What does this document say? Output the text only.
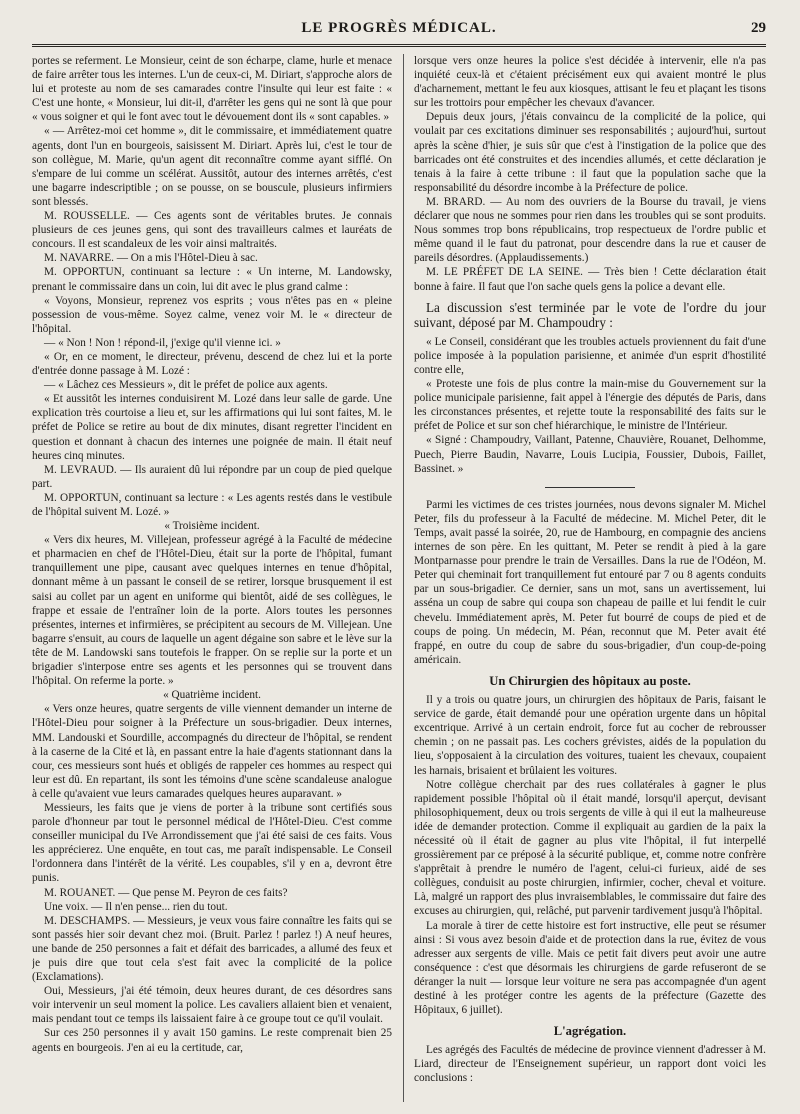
LE PROGRÈS MÉDICAL.	29

portes se referment. Le Monsieur, ceint de son écharpe, clame, hurle et menace de faire arrêter tous les internes. L'un de ceux-ci, M. Diriart, s'approche alors de lui et proteste au nom de ses camarades contre l'insulte qui leur est faite : « C'est une honte, « Monsieur, lui dit-il, d'arrêter les gens qui ne sont là que pour « vous soigner et qui le font avec tout le dévouement dont ils « sont capables. »

« — Arrêtez-moi cet homme », dit le commissaire, et immédiatement quatre agents, dont l'un en bourgeois, saisissent M. Diriart. Après lui, c'est le tour de son collègue, M. Marie, qu'un agent dit reconnaître comme ayant sifflé. On s'empare de lui comme un scélérat. Aussitôt, autour des internes arrêtés, c'est une bagarre indescriptible ; on se pousse, on se bouscule, plusieurs infirmiers sont blessés.

M. ROUSSELLE. — Ces agents sont de véritables brutes. Je connais plusieurs de ces jeunes gens, qui sont des travailleurs calmes et lauréats de concours. Il est scandaleux de les voir ainsi maltraités.

M. NAVARRE. — On a mis l'Hôtel-Dieu à sac.

M. OPPORTUN, continuant sa lecture : « Un interne, M. Landowsky, prenant le commissaire dans un coin, lui dit avec le plus grand calme :

« Voyons, Monsieur, reprenez vos esprits ; vous n'êtes pas en « pleine possession de vous-même. Soyez calme, venez voir M. le « directeur de l'hôpital.

— « Non ! Non ! répond-il, j'exige qu'il vienne ici. »

« Or, en ce moment, le directeur, prévenu, descend de chez lui et la porte d'entrée donne passage à M. Lozé :

— « Lâchez ces Messieurs », dit le préfet de police aux agents.

« Et aussitôt les internes conduisirent M. Lozé dans leur salle de garde. Une explication très courtoise a lieu et, sur les affirmations qui lui sont faites, M. le préfet de Police se retire au bout de dix minutes, disant regretter l'incident en question et donnant à chacun des internes une poignée de main. Il était neuf heures cinq minutes.

M. LEVRAUD. — Ils auraient dû lui répondre par un coup de pied quelque part.

M. OPPORTUN, continuant sa lecture : « Les agents restés dans le vestibule de l'hôpital suivent M. Lozé. »

« Troisième incident.

« Vers dix heures, M. Villejean, professeur agrégé à la Faculté de médecine et pharmacien en chef de l'Hôtel-Dieu, était sur la porte de l'hôpital, fumant tranquillement une pipe, causant avec quelques internes en tenue d'hôpital, donnant même à un passant le conseil de se retirer, lorsque brusquement il est saisi au collet par un agent en uniforme qui bientôt, aidé de ses collègues, le frappe et essaie de l'entraîner loin de la porte. Alors toutes les personnes présentes, internes et infirmières, se précipitent au secours de M. Villejean. Une bagarre s'ensuit, au cours de laquelle un agent dégaine son sabre et le lève sur la tête de M. Landowski sans toutefois le frapper. On se replie sur la porte et un brigadier s'interpose entre ses agents et les personnes qui se trouvent dans l'hôpital. On referme la porte. »

« Quatrième incident.

« Vers onze heures, quatre sergents de ville viennent demander un interne de l'Hôtel-Dieu pour soigner à la Préfecture un sous-brigadier. Deux internes, MM. Landouski et Sourdille, accompagnés du directeur de l'hôpital, se rendent à la caserne de la Cité et là, en passant entre la haie d'agents stationnant dans la cour, ces messieurs sont hués et obligés de rappeler ces hommes au respect qui leur est dû. En repartant, ils sont les témoins d'une scène scandaleuse analogue à celle qu'avaient vue leurs camarades quelques heures auparavant. »

Messieurs, les faits que je viens de porter à la tribune sont certifiés sous parole d'honneur par tout le personnel médical de l'Hôtel-Dieu. C'est comme conseiller municipal du IVe Arrondissement que j'ai été saisi de ces faits. Vous les apprécierez. Une enquête, en tout cas, me paraît indispensable. Le Conseil l'ordonnera dans l'intérêt de la vérité. Les coupables, s'il y en a, devront être punis.

M. ROUANET. — Que pense M. Peyron de ces faits?

Une voix. — Il n'en pense... rien du tout.

M. DESCHAMPS. — Messieurs, je veux vous faire connaître les faits qui se sont passés hier soir devant chez moi. (Bruit. Parlez ! parlez !) A neuf heures, une bande de 250 personnes a fait et défait des barricades, a allumé des feux et je puis dire que tout cela s'est fait avec la complicité de la police (Exclamations).

Oui, Messieurs, j'ai été témoin, deux heures durant, de ces désordres sans voir intervenir un seul moment la police. Les cavaliers allaient bien et venaient, mais pendant tout ce temps ils laissaient faire à ce groupe tout ce qu'il voulait.

Sur ces 250 personnes il y avait 150 gamins. Le reste comprenait bien 25 agents en bourgeois. J'en ai eu la certitude, car,

lorsque vers onze heures la police s'est décidée à intervenir, elle n'a pas inquiété ceux-là et c'étaient précisément eux qui avaient montré le plus d'acharnement, mettant le feu aux kiosques, attisant le feu et plaçant les tisons sur les trottoirs pour empêcher les chevaux d'avancer.

Depuis deux jours, j'étais convaincu de la complicité de la police, qui voulait par ces excitations diminuer ses responsabilités ; aujourd'hui, surtout après la scène d'hier, je suis sûr que c'est à l'instigation de la police que des barricades ont été construites et des incendies allumés, et cette déclaration je tenais à la faire à cette tribune : il faut que la population sache que la responsabilité du désordre incombe à la Préfecture de police.

M. BRARD. — Au nom des ouvriers de la Bourse du travail, je viens déclarer que nous ne sommes pour rien dans les troubles qui se sont produits. Nous sommes trop bons républicains, trop respectueux de l'ordre public et même quand il le faut du patronat, pour descendre dans la rue et causer de pareils désordres. (Applaudissements.)

M. LE PRÉFET DE LA SEINE. — Très bien ! Cette déclaration était bonne à faire. Il faut que l'on sache quels gens la police a devant elle.

La discussion s'est terminée par le vote de l'ordre du jour suivant, déposé par M. Champoudry :

« Le Conseil, considérant que les troubles actuels proviennent du fait d'une police imposée à la population parisienne, et animée d'un esprit d'hostilité contre elle,

« Proteste une fois de plus contre la main-mise du Gouvernement sur la police municipale parisienne, fait appel à l'énergie des députés de Paris, dans les circonstances présentes, et rejette toute la responsabilité des faits sur le préfet de Police et sur son chef hiérarchique, le ministre de l'Intérieur.

« Signé : Champoudry, Vaillant, Patenne, Chauvière, Rouanet, Delhomme, Puech, Pierre Baudin, Navarre, Louis Lucipia, Foussier, Dubois, Faillet, Bassinet. »

Parmi les victimes de ces tristes journées, nous devons signaler M. Michel Peter, fils du professeur à la Faculté de médecine. M. Michel Peter, dit le Temps, avait passé la soirée, 20, rue de Hambourg, en compagnie des anciens internes de son père. En les quittant, M. Peter se rendit à pied à la gare Montparnasse pour prendre le train de Versailles. Dans la rue de l'Odéon, M. Peter qui cheminait fort tranquillement fut entouré par 7 ou 8 agents conduits par un sous-brigadier. Ce dernier, sans un mot, sans un avertissement, lui asséna un coup de sabre qui coupa son chapeau de paille et lui fendit le cuir chevelu. Immédiatement après, M. Peter fut bourré de coups de pied et de coups de poing. Un médecin, M. Péan, reconnut que M. Peter avait été frappé, en outre du coup de sabre du sous-brigadier, d'un coup-de-poing américain.

Un Chirurgien des hôpitaux au poste.

Il y a trois ou quatre jours, un chirurgien des hôpitaux de Paris, faisant le service de garde, était demandé pour une opération urgente dans un hôpital excentrique. Arrivé à un certain endroit, force fut au cocher de rebrousser chemin ; on ne passait pas. Les cochers grévistes, aidés de la population du lieu, s'opposaient à la circulation des voitures, tuaient les chevaux, coupaient les harnais, brisaient et brûlaient les voitures.

Notre collègue cherchait par des rues collatérales à gagner le plus rapidement possible l'hôpital où il était mandé, lorsqu'il aperçut, devisant philosophiquement, deux ou trois sergents de ville à qui il eut la malheureuse idée de demander protection. Comme il expliquait au gardien de la paix la nécessité où il était de gagner au plus vite l'hôpital, il fut interpellé grossièrement par ce préposé à la sécurité publique, et, comme notre confrère s'apprêtait à prendre le numéro de l'agent, celui-ci furieux, aidé de ses collègues, conduisit au poste chirurgien, infirmier, cocher, cheval et voiture. Là, malgré un rapport des plus invraisemblables, le commissaire dut faire des excuses au chirurgien, qui, relâché, put parvenir tardivement jusqu'à l'hôpital.

La morale à tirer de cette histoire est fort instructive, elle peut se résumer ainsi : Si vous avez besoin d'aide et de protection dans la rue, évitez de vous adresser aux sergents de ville. Mais ce petit fait divers peut avoir une autre conséquence : c'est que désormais les chirurgiens de garde refuseront de se déranger la nuit — lorsque leur voiture ne sera pas accompagnée d'un agent destiné à les protéger contre les agents de la préfecture (Gazette des Hôpitaux, 6 juillet).

L'agrégation.

Les agrégés des Facultés de médecine de province viennent d'adresser à M. Liard, directeur de l'Enseignement supérieur, un rapport dont voici les conclusions :
